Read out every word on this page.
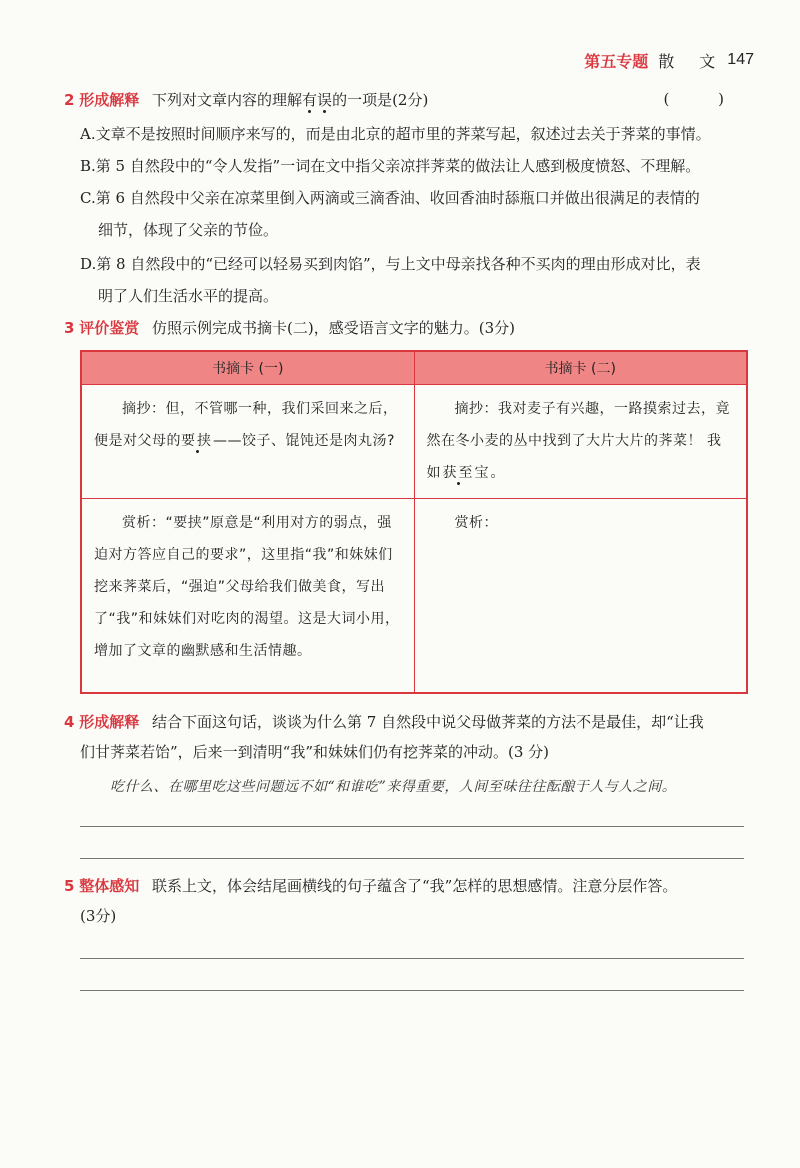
第五专题 散 文 147
2 形成解释 下列对文章内容的理解有误的一项是(2分)	( )
A.文章不是按照时间顺序来写的，而是由北京的超市里的荠菜写起，叙述过去关于荠菜的事情。
B.第 5 自然段中的“令人发指”一词在文中指父亲凉拌荠菜的做法让人感到极度愤怒、不理解。
C.第 6 自然段中父亲在凉菜里倒入两滴或三滴香油、收回香油时舔瓶口并做出很满足的表情的
细节，体现了父亲的节俭。
D.第 8 自然段中的“已经可以轻易买到肉馅”，与上文中母亲找各种不买肉的理由形成对比，表
明了人们生活水平的提高。
3 评价鉴赏 仿照示例完成书摘卡(二)，感受语言文字的魅力。(3分)
书摘卡 (一)	书摘卡 (二)
摘抄：但，不管哪一种，我们采回来之后，便是对父母的要挟——饺子、馄饨还是肉丸汤?	摘抄：我对麦子有兴趣，一路摸索过去，竟然在冬小麦的丛中找到了大片大片的荠菜！ 我如获至宝。
赏析：“要挟”原意是“利用对方的弱点，强迫对方答应自己的要求”，这里指“我”和妹妹们挖来荠菜后，“强迫”父母给我们做美食，写出了“我”和妹妹们对吃肉的渴望。这是大词小用，增加了文章的幽默感和生活情趣。	赏析：
4 形成解释 结合下面这句话，谈谈为什么第 7 自然段中说父母做荠菜的方法不是最佳，却“让我
们甘荠菜若饴”，后来一到清明“我”和妹妹们仍有挖荠菜的冲动。(3 分)
吃什么、在哪里吃这些问题远不如“和谁吃”来得重要，人间至味往往酝酿于人与人之间。
5 整体感知 联系上文，体会结尾画横线的句子蕴含了“我”怎样的思想感情。注意分层作答。
(3分)
